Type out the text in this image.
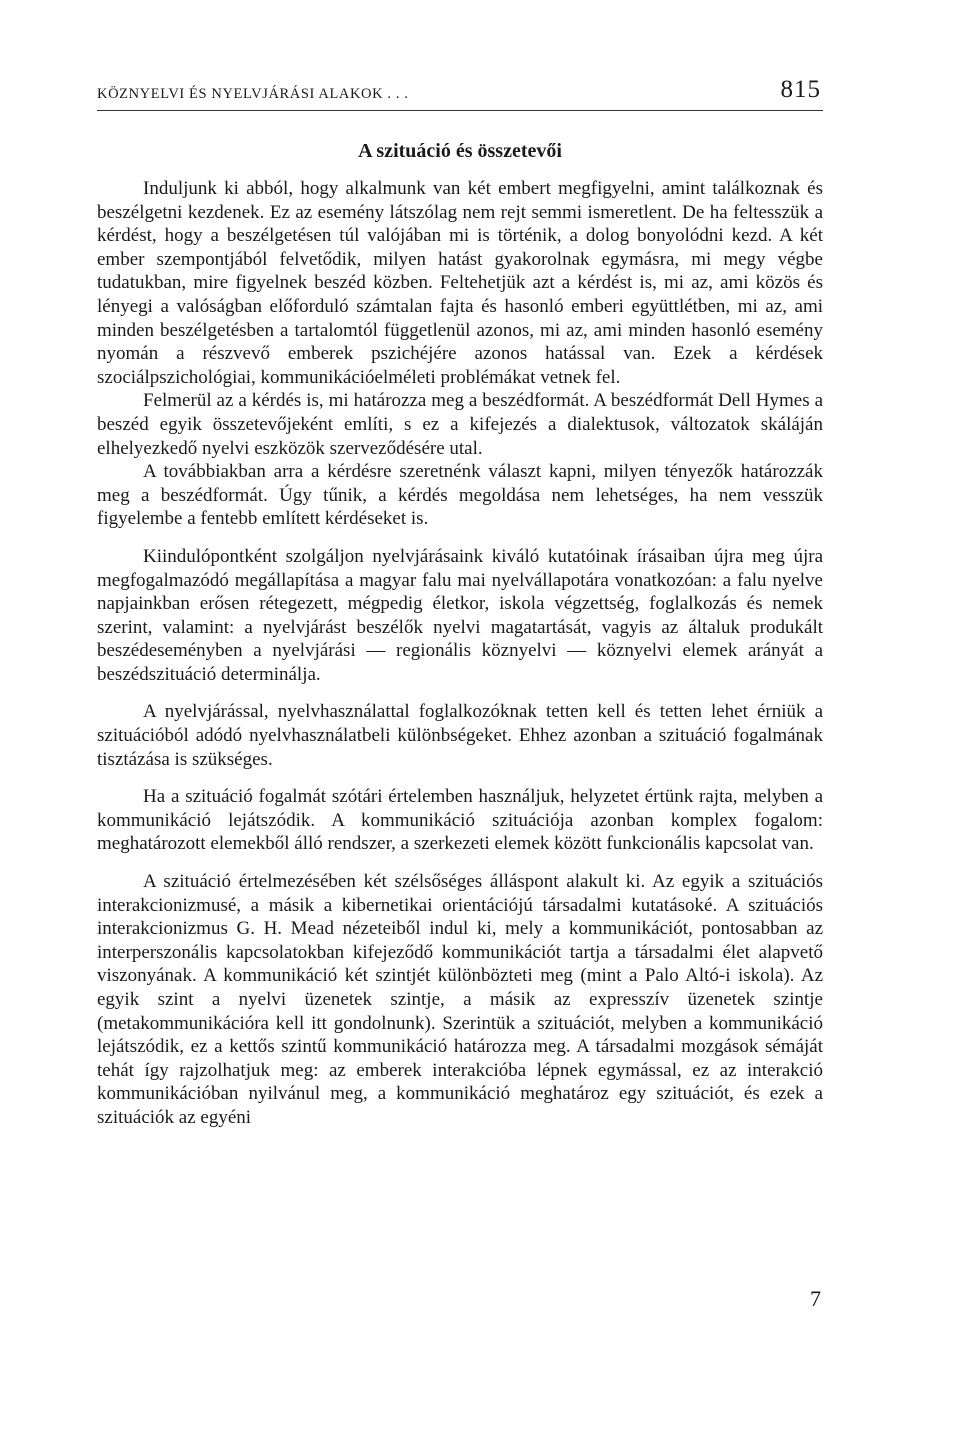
KÖZNYELVI ÉS NYELVJÁRÁSI ALAKOK . . .	815
A szituáció és összetevői

Induljunk ki abból, hogy alkalmunk van két embert megfigyelni, amint találkoznak és beszélgetni kezdenek. Ez az esemény látszólag nem rejt semmi ismeretlent. De ha feltesszük a kérdést, hogy a beszélgetésen túl valójában mi is történik, a dolog bonyolódni kezd. A két ember szempontjából felvetődik, milyen hatást gyakorolnak egymásra, mi megy végbe tudatukban, mire figyelnek beszéd közben. Feltehetjük azt a kérdést is, mi az, ami közös és lényegi a valóságban előforduló számtalan fajta és hasonló emberi együttlétben, mi az, ami minden beszélgetésben a tartalomtól függetlenül azonos, mi az, ami minden hasonló esemény nyomán a részvevő emberek pszichéjére azonos hatással van. Ezek a kérdések szociálpszichológiai, kommunikációelméleti problémákat vetnek fel.

Felmerül az a kérdés is, mi határozza meg a beszédformát. A beszédformát Dell Hymes a beszéd egyik összetevőjeként említi, s ez a kifejezés a dialektusok, változatok skáláján elhelyezkedő nyelvi eszközök szerveződésére utal.

A továbbiakban arra a kérdésre szeretnénk választ kapni, milyen tényezők határozzák meg a beszédformát. Úgy tűnik, a kérdés megoldása nem lehetséges, ha nem vesszük figyelembe a fentebb említett kérdéseket is.

Kiindulópontként szolgáljon nyelvjárásaink kiváló kutatóinak írásaiban újra meg újra megfogalmazódó megállapítása a magyar falu mai nyelvállapotára vonatkozóan: a falu nyelve napjainkban erősen rétegezett, mégpedig életkor, iskola végzettség, foglalkozás és nemek szerint, valamint: a nyelvjárást beszélők nyelvi magatartását, vagyis az általuk produkált beszédeseményben a nyelvjárási — regionális köznyelvi — köznyelvi elemek arányát a beszédszituáció determinálja.

A nyelvjárással, nyelvhasználattal foglalkozóknak tetten kell és tetten lehet érniük a szituációból adódó nyelvhasználatbeli különbségeket. Ehhez azonban a szituáció fogalmának tisztázása is szükséges.

Ha a szituáció fogalmát szótári értelemben használjuk, helyzetet értünk rajta, melyben a kommunikáció lejátszódik. A kommunikáció szituációja azonban komplex fogalom: meghatározott elemekből álló rendszer, a szerkezeti elemek között funkcionális kapcsolat van.

A szituáció értelmezésében két szélsőséges álláspont alakult ki. Az egyik a szituációs interakcionizmusé, a másik a kibernetikai orientációjú társadalmi kutatásoké. A szituációs interakcionizmus G. H. Mead nézeteiből indul ki, mely a kommunikációt, pontosabban az interperszonális kapcsolatokban kifejeződő kommunikációt tartja a társadalmi élet alapvető viszonyának. A kommunikáció két szintjét különbözteti meg (mint a Palo Altó-i iskola). Az egyik szint a nyelvi üzenetek szintje, a másik az expresszív üzenetek szintje (metakommunikációra kell itt gondolnunk). Szerintük a szituációt, melyben a kommunikáció lejátszódik, ez a kettős szintű kommunikáció határozza meg. A társadalmi mozgások sémáját tehát így rajzolhatjuk meg: az emberek interakcióba lépnek egymással, ez az interakció kommunikációban nyilvánul meg, a kommunikáció meghatároz egy szituációt, és ezek a szituációk az egyéni

7
